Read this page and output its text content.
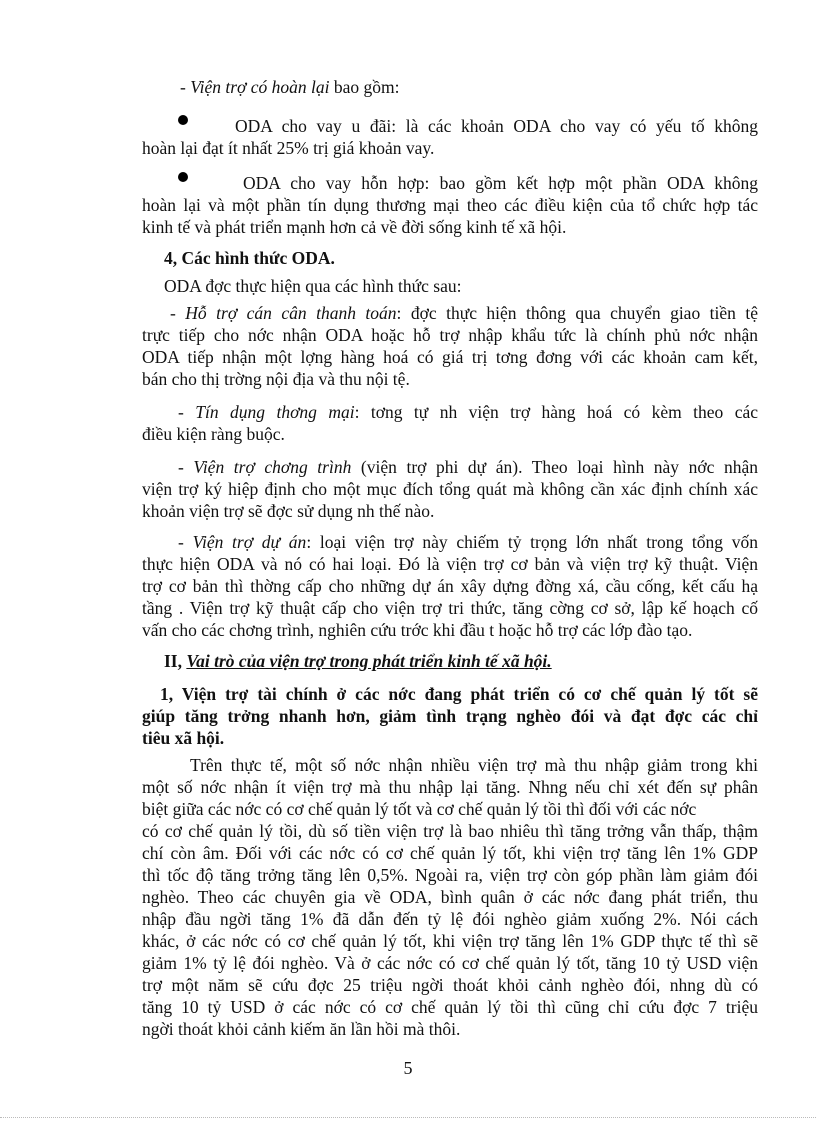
- Viện trợ có hoàn lại bao gồm:
ODA cho vay u đãi: là các khoản ODA cho vay có yếu tố không
hoàn lại đạt ít nhất 25% trị giá khoản vay.
ODA cho vay hỗn hợp: bao gồm kết hợp một phần ODA không
hoàn lại và một phần tín dụng thương mại theo các điều kiện của tổ chức hợp tác
kinh tế và phát triển mạnh hơn cả về đời sống kinh tế xã hội.
4, Các hình thức ODA.
ODA đợc thực hiện qua các hình thức sau:
- Hỗ trợ cán cân thanh toán: đợc thực hiện thông qua chuyển giao tiền tệ
trực tiếp cho nớc nhận ODA hoặc hỗ trợ nhập khẩu tức là chính phủ nớc nhận
ODA tiếp nhận một lợng hàng hoá có giá trị tơng đơng với các khoản cam kết,
bán cho thị trờng nội địa và thu nội tệ.
- Tín dụng thơng mại: tơng tự nh viện trợ hàng hoá có kèm theo các
điều kiện ràng buộc.
- Viện trợ chơng trình (viện trợ phi dự án). Theo loại hình này nớc nhận
viện trợ ký hiệp định cho một mục đích tổng quát mà không cần xác định chính xác
khoản viện trợ sẽ đợc sử dụng nh thế nào.
- Viện trợ dự án: loại viện trợ này chiếm tỷ trọng lớn nhất trong tổng vốn
thực hiện ODA và nó có hai loại. Đó là viện trợ cơ bản và viện trợ kỹ thuật. Viện
trợ cơ bản thì thờng cấp cho những dự án xây dựng đờng xá, cầu cống, kết cấu hạ
tầng . Viện trợ kỹ thuật cấp cho viện trợ tri thức, tăng cờng cơ sở, lập kế hoạch cố
vấn cho các chơng trình, nghiên cứu trớc khi đầu t hoặc hỗ trợ các lớp đào tạo.
II, Vai trò của viện trợ trong phát triển kinh tế xã hội.
1, Viện trợ tài chính ở các nớc đang phát triển có cơ chế quản lý tốt sẽ
giúp tăng trởng nhanh hơn, giảm tình trạng nghèo đói và đạt đợc các chỉ
tiêu xã hội.
Trên thực tế, một số nớc nhận nhiều viện trợ mà thu nhập giảm trong khi
một số nớc nhận ít viện trợ mà thu nhập lại tăng. Nhng nếu chỉ xét đến sự phân
biệt giữa các nớc có cơ chế quản lý tốt và cơ chế quản lý tồi thì đối với các nớc
có cơ chế quản lý tồi, dù số tiền viện trợ là bao nhiêu thì tăng trởng vẫn thấp, thậm
chí còn âm. Đối với các nớc có cơ chế quản lý tốt, khi viện trợ tăng lên 1% GDP
thì tốc độ tăng trởng tăng lên 0,5%. Ngoài ra, viện trợ còn góp phần làm giảm đói
nghèo. Theo các chuyên gia về ODA, bình quân ở các nớc đang phát triển, thu
nhập đầu ngời tăng 1% đã dẫn đến tỷ lệ đói nghèo giảm xuống 2%. Nói cách
khác, ở các nớc có cơ chế quản lý tốt, khi viện trợ tăng lên 1% GDP thực tế thì sẽ
giảm 1% tỷ lệ đói nghèo. Và ở các nớc có cơ chế quản lý tốt, tăng 10 tỷ USD viện
trợ một năm sẽ cứu đợc 25 triệu ngời thoát khỏi cảnh nghèo đói, nhng dù có
tăng 10 tỷ USD ở các nớc có cơ chế quản lý tồi thì cũng chỉ cứu đợc 7 triệu
ngời thoát khỏi cảnh kiếm ăn lần hồi mà thôi.
5
